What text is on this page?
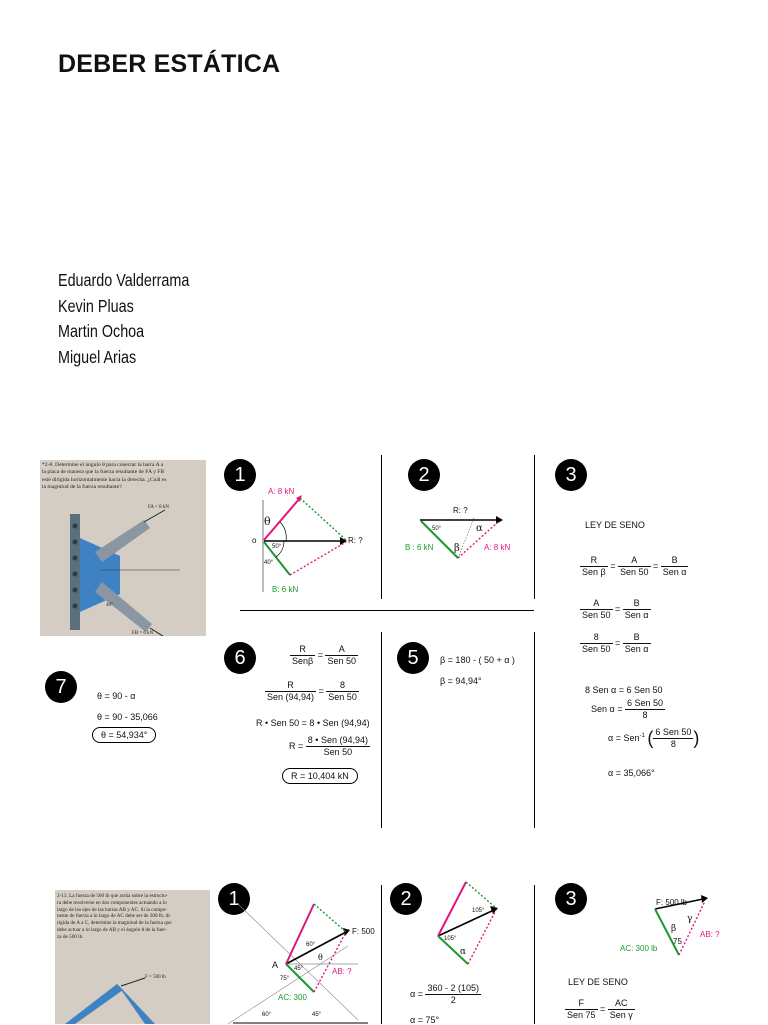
DEBER ESTÁTICA
Eduardo Valderrama
Kevin Pluas
Martin Ochoa
Miguel Arias
*2-8. Determine el ángulo θ para conectar la barra A a
la placa de manera que la fuerza resultante de FA y FB
esté dirigida horizontalmente hacia la derecha. ¿Cuál es
la magnitud de la fuerza resultante?
FA = 8 kN
FB = 6 kN
40°
1	2	3
6	5
7
A: 8 kN
B: 6 kN
R: ?
θ
o
50°
40°
R: ?
B : 6 kN	A: 8 kN
50°	α
β
LEY DE SENO
$\frac{R}{\text{Sen β}} = \frac{A}{\text{Sen 50}} = \frac{B}{\text{Sen α}}$
$\frac{A}{\text{Sen 50}} = \frac{B}{\text{Sen α}}$
$\frac{8}{\text{Sen 50}} = \frac{B}{\text{Sen α}}$
8 Sen α = 6 Sen 50
Sen $\alpha = \frac{\text{6 Sen 50}}{8}$
α = Sen$^{-1}$ ( $\frac{\text{6 Sen 50}}{8}$ )
α = 35,066°
β = 180 - ( 50 + α )
β = 94,94°
$\frac{R}{\text{Senβ}} = \frac{A}{\text{Sen 50}}$
$\frac{R}{\text{Sen (94,94)}} = \frac{8}{\text{Sen 50}}$
R • Sen 50 = 8 • Sen (94,94)
$R = \frac{\text{8 • Sen (94,94)}}{\text{Sen 50}}$
R = 10,404 kN
θ = 90 - α
θ = 90 - 35,066
θ = 54,934°
2-13. La fuerza de 500 lb que actúa sobre la estructu-
ra debe resolverse en dos componentes actuando a lo
largo de los ejes de las barras AB y AC. Si la compo-
nente de fuerza a lo largo de AC debe ser de 300 lb, di-
rigida de A a C, determine la magnitud de la fuerza que
debe actuar a lo largo de AB y el ángulo θ de la fuer-
za de 500 lb.
F = 500 lb
1	2	3
F: 500
AB: ?
AC: 300
A
60°
45°
75°
θ
60°	45°
105°
105°
α
$\alpha = \frac{360 - 2 (105)}{2}$
α = 75°
F: 500 lb
AB: ?
AC: 300 lb
75
β
γ
LEY DE SENO
$\frac{F}{\text{Sen 75}} = \frac{AC}{\text{Sen γ}}$
